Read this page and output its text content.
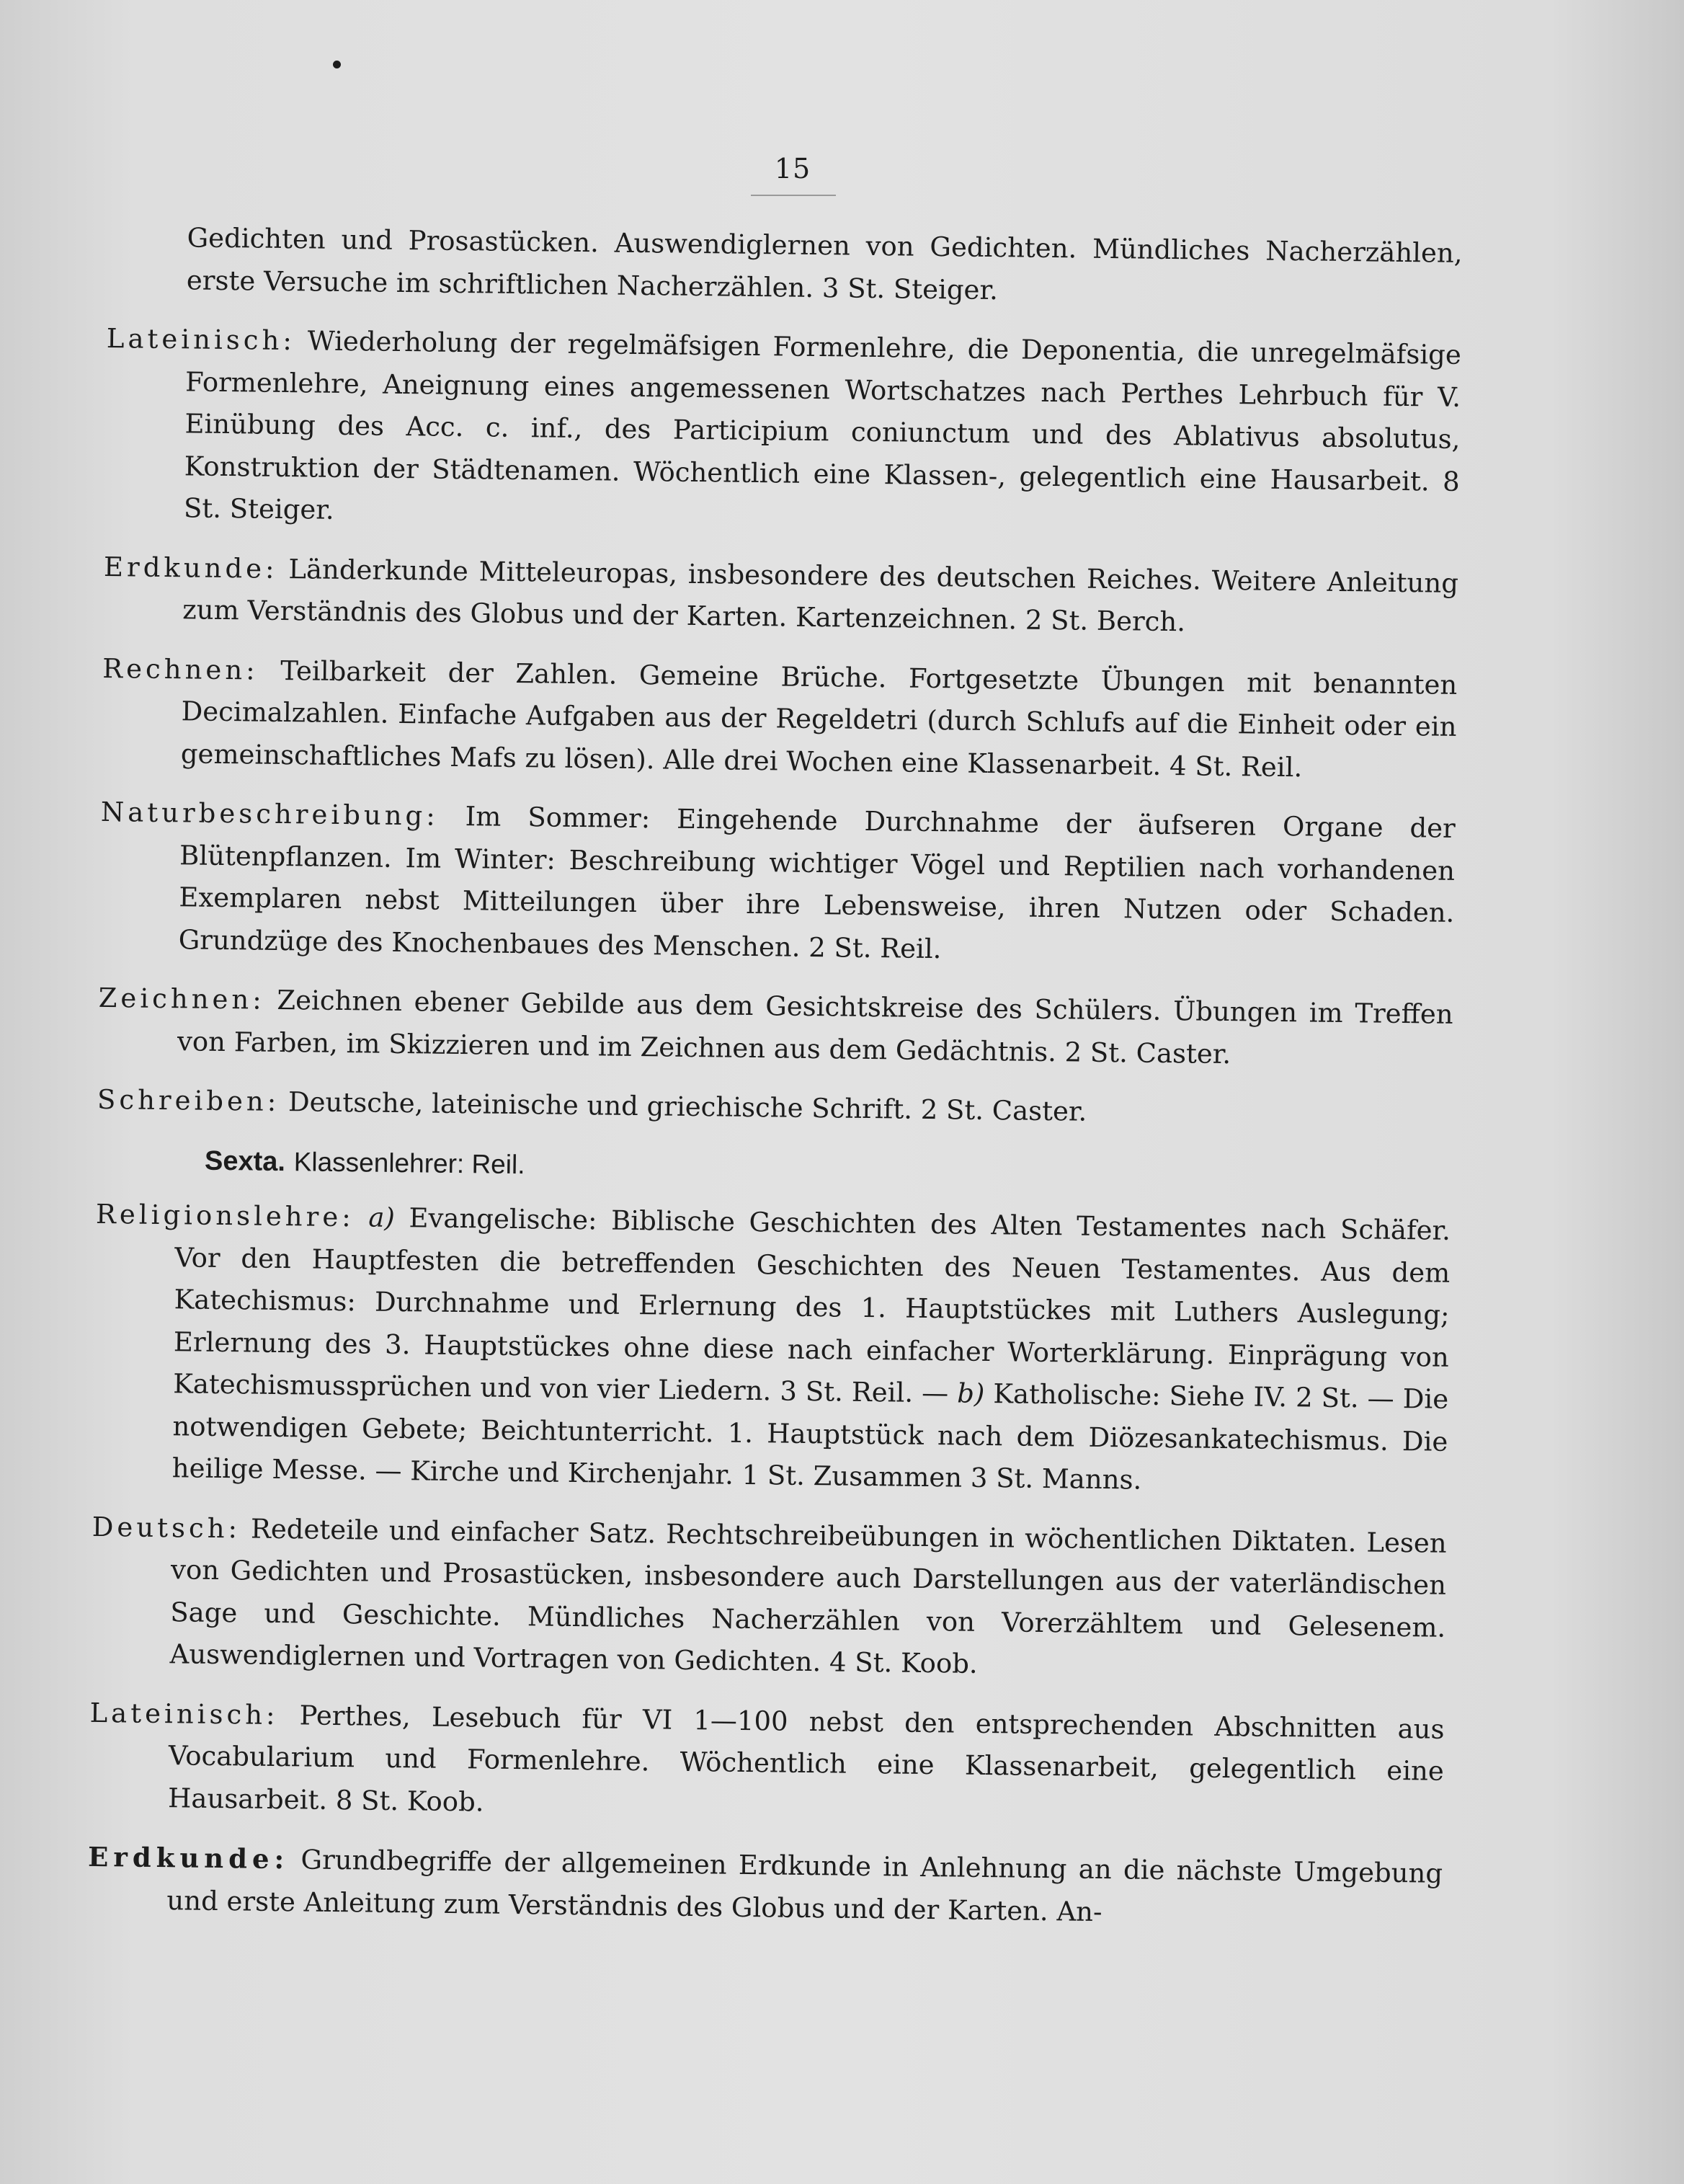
15

Gedichten und Prosastücken. Auswendiglernen von Gedichten. Mündliches Nacherzählen, erste Versuche im schriftlichen Nacherzählen. 3 St. Steiger.

Lateinisch: Wiederholung der regelmäfsigen Formenlehre, die Deponentia, die unregelmäfsige Formenlehre, Aneignung eines angemessenen Wortschatzes nach Perthes Lehrbuch für V. Einübung des Acc. c. inf., des Participium coniunctum und des Ablativus absolutus, Konstruktion der Städtenamen. Wöchentlich eine Klassen-, gelegentlich eine Hausarbeit. 8 St. Steiger.

Erdkunde: Länderkunde Mitteleuropas, insbesondere des deutschen Reiches. Weitere Anleitung zum Verständnis des Globus und der Karten. Kartenzeichnen. 2 St. Berch.

Rechnen: Teilbarkeit der Zahlen. Gemeine Brüche. Fortgesetzte Übungen mit benannten Decimalzahlen. Einfache Aufgaben aus der Regeldetri (durch Schlufs auf die Einheit oder ein gemeinschaftliches Mafs zu lösen). Alle drei Wochen eine Klassenarbeit. 4 St. Reil.

Naturbeschreibung: Im Sommer: Eingehende Durchnahme der äufseren Organe der Blütenpflanzen. Im Winter: Beschreibung wichtiger Vögel und Reptilien nach vorhandenen Exemplaren nebst Mitteilungen über ihre Lebensweise, ihren Nutzen oder Schaden. Grundzüge des Knochenbaues des Menschen. 2 St. Reil.

Zeichnen: Zeichnen ebener Gebilde aus dem Gesichtskreise des Schülers. Übungen im Treffen von Farben, im Skizzieren und im Zeichnen aus dem Gedächtnis. 2 St. Caster.

Schreiben: Deutsche, lateinische und griechische Schrift. 2 St. Caster.

Sexta. Klassenlehrer: Reil.

Religionslehre: a) Evangelische: Biblische Geschichten des Alten Testamentes nach Schäfer. Vor den Hauptfesten die betreffenden Geschichten des Neuen Testamentes. Aus dem Katechismus: Durchnahme und Erlernung des 1. Hauptstückes mit Luthers Auslegung; Erlernung des 3. Hauptstückes ohne diese nach einfacher Worterklärung. Einprägung von Katechismussprüchen und von vier Liedern. 3 St. Reil. — b) Katholische: Siehe IV. 2 St. — Die notwendigen Gebete; Beichtunterricht. 1. Hauptstück nach dem Diözesankatechismus. Die heilige Messe. — Kirche und Kirchenjahr. 1 St. Zusammen 3 St. Manns.

Deutsch: Redeteile und einfacher Satz. Rechtschreibeübungen in wöchentlichen Diktaten. Lesen von Gedichten und Prosastücken, insbesondere auch Darstellungen aus der vaterländischen Sage und Geschichte. Mündliches Nacherzählen von Vorerzähltem und Gelesenem. Auswendiglernen und Vortragen von Gedichten. 4 St. Koob.

Lateinisch: Perthes, Lesebuch für VI 1—100 nebst den entsprechenden Abschnitten aus Vocabularium und Formenlehre. Wöchentlich eine Klassenarbeit, gelegentlich eine Hausarbeit. 8 St. Koob.

Erdkunde: Grundbegriffe der allgemeinen Erdkunde in Anlehnung an die nächste Umgebung und erste Anleitung zum Verständnis des Globus und der Karten. An-
